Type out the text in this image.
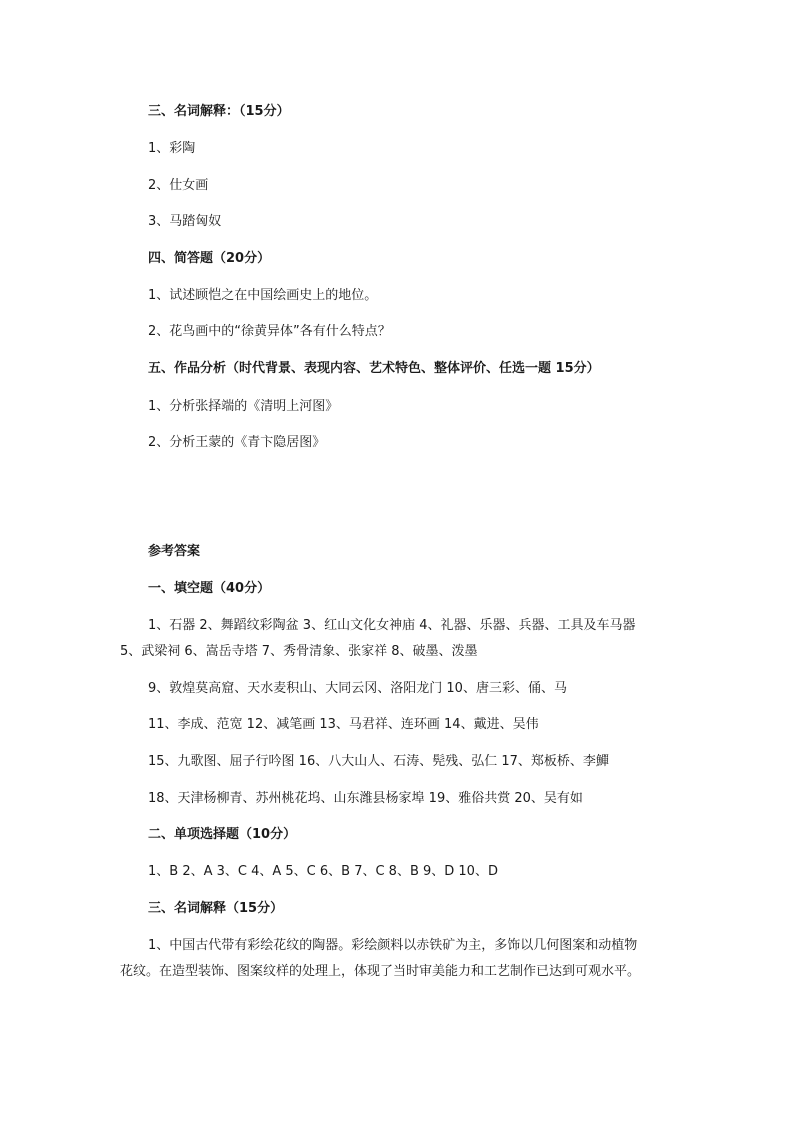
三、名词解释：（15分）
1、彩陶
2、仕女画
3、马踏匈奴
四、简答题（20分）
1、试述顾恺之在中国绘画史上的地位。
2、花鸟画中的“徐黄异体”各有什么特点？
五、作品分析（时代背景、表现内容、艺术特色、整体评价、任选一题 15分）
1、分析张择端的《清明上河图》
2、分析王蒙的《青卞隐居图》
参考答案
一、填空题（40分）
1、石器 2、舞蹈纹彩陶盆 3、红山文化女神庙 4、礼器、乐器、兵器、工具及车马器
5、武梁祠 6、嵩岳寺塔 7、秀骨清象、张家祥 8、破墨、泼墨
9、敦煌莫高窟、天水麦积山、大同云冈、洛阳龙门 10、唐三彩、俑、马
11、李成、范宽 12、减笔画 13、马君祥、连环画 14、戴进、吴伟
15、九歌图、屈子行吟图 16、八大山人、石涛、髡残、弘仁 17、郑板桥、李鱓
18、天津杨柳青、苏州桃花坞、山东潍县杨家埠 19、雅俗共赏 20、吴有如
二、单项选择题（10分）
1、B 2、A 3、C 4、A 5、C 6、B 7、C 8、B 9、D 10、D
三、名词解释（15分）
1、中国古代带有彩绘花纹的陶器。彩绘颜料以赤铁矿为主，多饰以几何图案和动植物
花纹。在造型装饰、图案纹样的处理上，体现了当时审美能力和工艺制作已达到可观水平。
